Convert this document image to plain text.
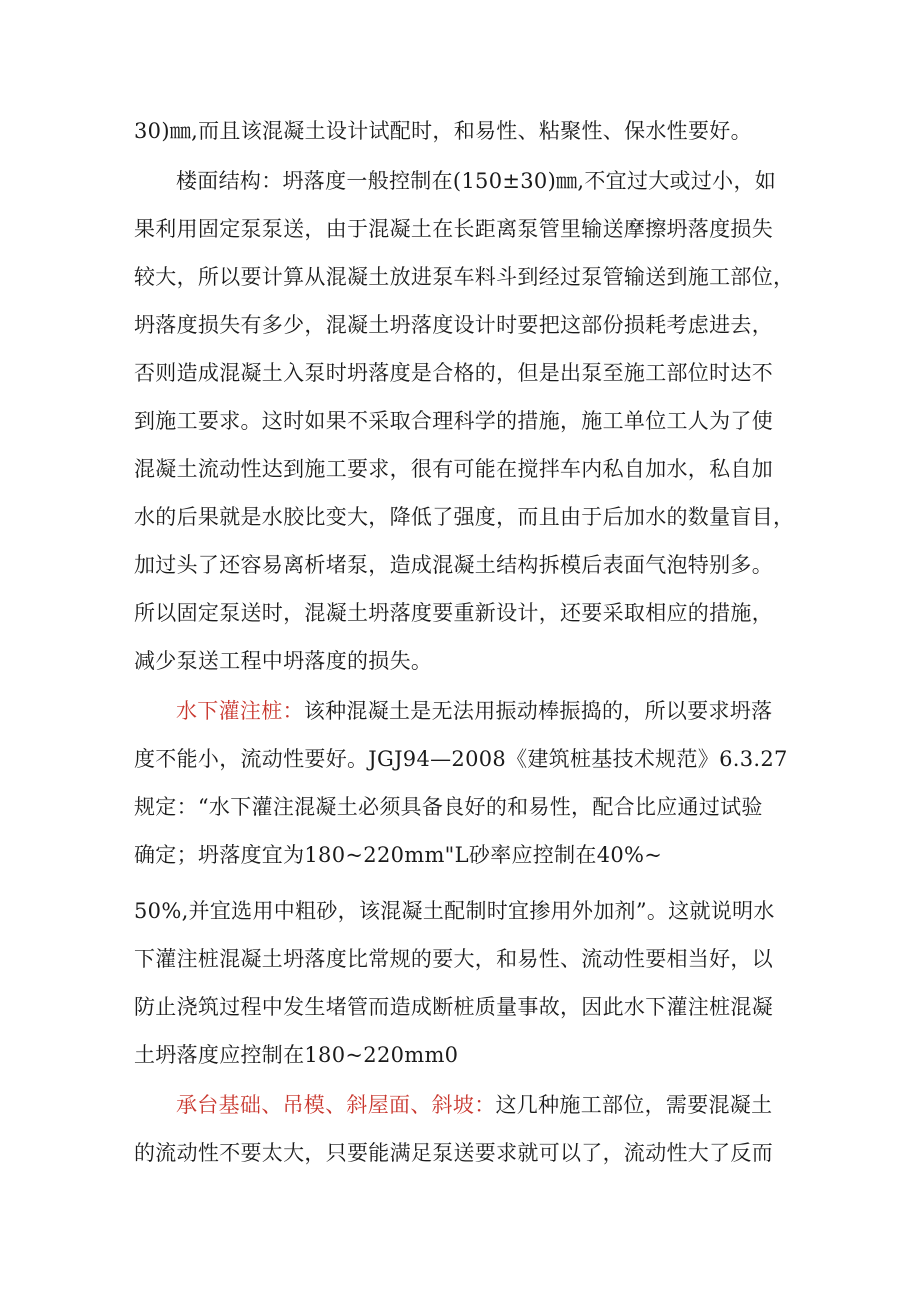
30)㎜,而且该混凝土设计试配时，和易性、粘聚性、保水性要好。
楼面结构：坍落度一般控制在(150±30)㎜,不宜过大或过小，如
果利用固定泵泵送，由于混凝土在长距离泵管里输送摩擦坍落度损失
较大，所以要计算从混凝土放进泵车料斗到经过泵管输送到施工部位，
坍落度损失有多少，混凝土坍落度设计时要把这部份损耗考虑进去，
否则造成混凝土入泵时坍落度是合格的，但是出泵至施工部位时达不
到施工要求。这时如果不采取合理科学的措施，施工单位工人为了使
混凝土流动性达到施工要求，很有可能在搅拌车内私自加水，私自加
水的后果就是水胶比变大，降低了强度，而且由于后加水的数量盲目，
加过头了还容易离析堵泵，造成混凝土结构拆模后表面气泡特别多。
所以固定泵送时，混凝土坍落度要重新设计，还要采取相应的措施，
减少泵送工程中坍落度的损失。
水下灌注桩：该种混凝土是无法用振动棒振捣的，所以要求坍落
度不能小，流动性要好。JGJ94—2008《建筑桩基技术规范》6.3.27
规定：“水下灌注混凝土必须具备良好的和易性，配合比应通过试验
确定；坍落度宜为180~220mm"L砂率应控制在40%~
50%,并宜选用中粗砂，该混凝土配制时宜掺用外加剂”。这就说明水
下灌注桩混凝土坍落度比常规的要大，和易性、流动性要相当好，以
防止浇筑过程中发生堵管而造成断桩质量事故，因此水下灌注桩混凝
土坍落度应控制在180~220mm0
承台基础、吊模、斜屋面、斜坡：这几种施工部位，需要混凝土
的流动性不要太大，只要能满足泵送要求就可以了，流动性大了反而
